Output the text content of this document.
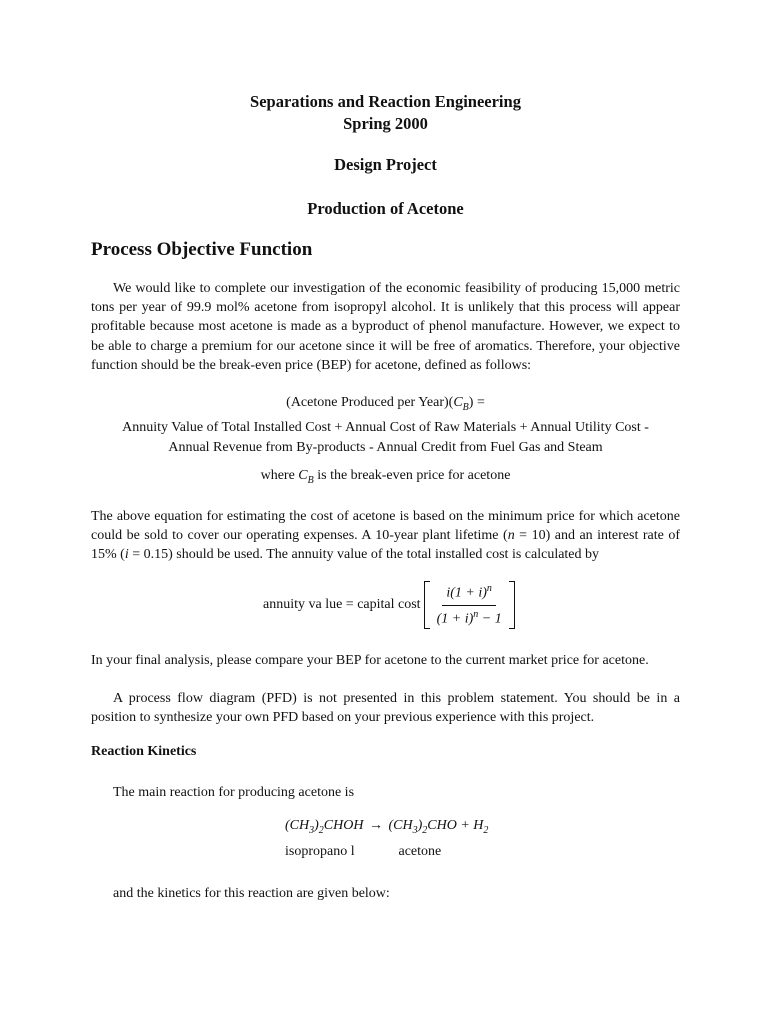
Separations and Reaction Engineering
Spring 2000
Design Project
Production of Acetone
Process Objective Function

We would like to complete our investigation of the economic feasibility of producing 15,000 metric tons per year of 99.9 mol% acetone from isopropyl alcohol. It is unlikely that this process will appear profitable because most acetone is made as a byproduct of phenol manufacture. However, we expect to be able to charge a premium for our acetone since it will be free of aromatics. Therefore, your objective function should be the break-even price (BEP) for acetone, defined as follows:

(Acetone Produced per $Year)(C_B)$ =
Annuity Value of Total Installed Cost + Annual Cost of Raw Materials + Annual Utility Cost -
Annual Revenue from By-products - Annual Credit from Fuel Gas and Steam
where $C_B$ is the break-even price for acetone

The above equation for estimating the cost of acetone is based on the minimum price for which acetone could be sold to cover our operating expenses. A 10-year plant lifetime (n = 10) and an interest rate of 15% (i = 0.15) should be used. The annuity value of the total installed cost is calculated by

annuity va lue = capital cost $\frac{i(1 + i)^n}{(1 + i)^n - 1}$

In your final analysis, please compare your BEP for acetone to the current market price for acetone.

A process flow diagram (PFD) is not presented in this problem statement. You should be in a position to synthesize your own PFD based on your previous experience with this project.

Reaction Kinetics

The main reaction for producing acetone is

$(CH_3)_2CHOH \to (CH_3)_2CHO + H_2$
isopropano l	acetone

and the kinetics for this reaction are given below:
